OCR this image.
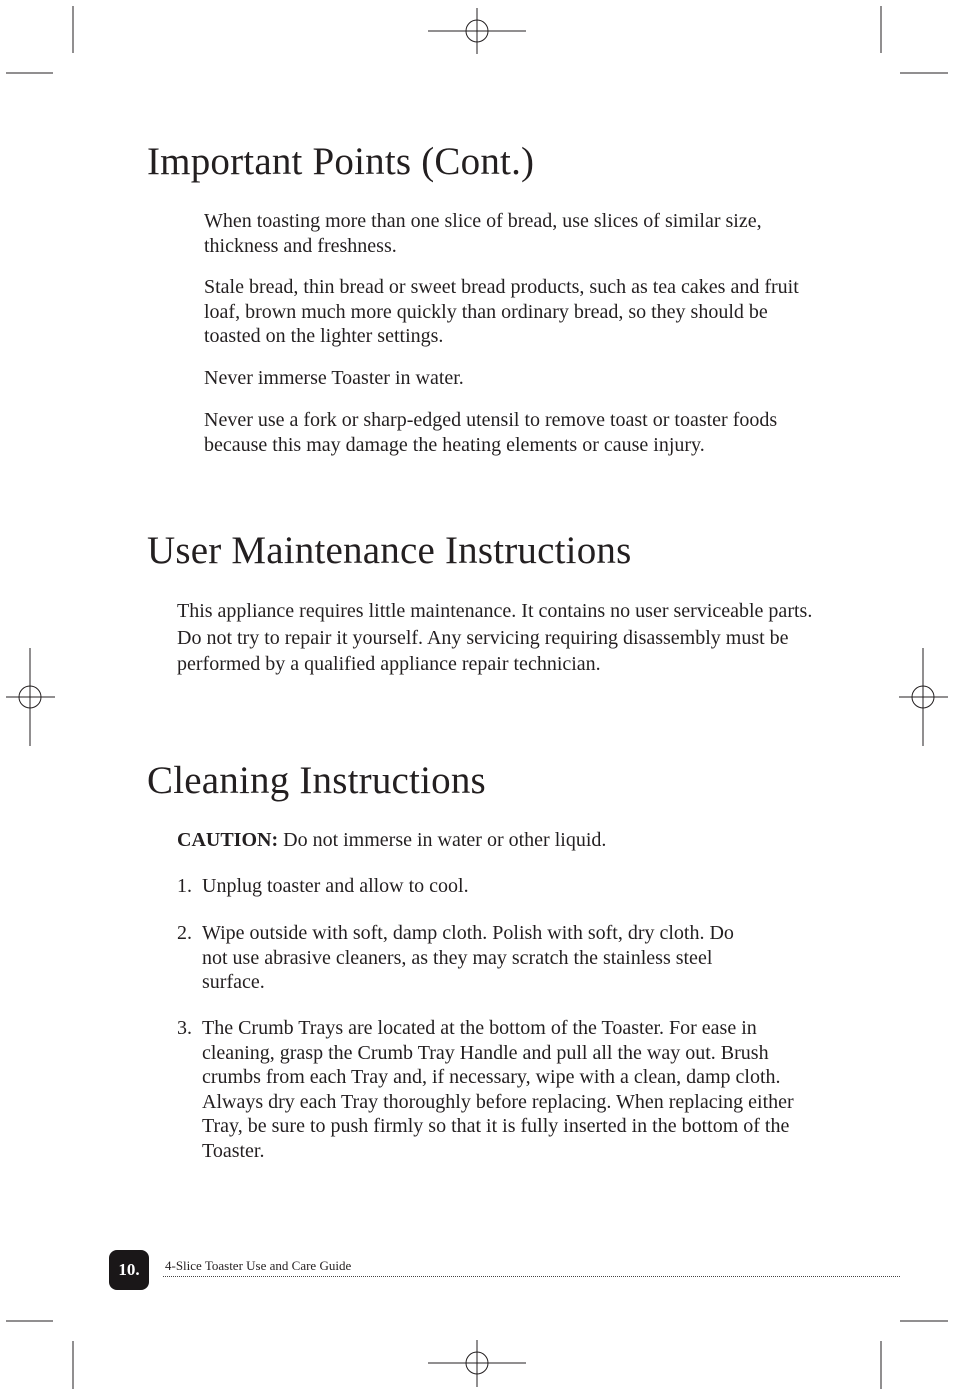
Important Points (Cont.)

When toasting more than one slice of bread, use slices of similar size, thickness and freshness.

Stale bread, thin bread or sweet bread products, such as tea cakes and fruit loaf, brown much more quickly than ordinary bread, so they should be toasted on the lighter settings.

Never immerse Toaster in water.

Never use a fork or sharp-edged utensil to remove toast or toaster foods because this may damage the heating elements or cause injury.

User Maintenance Instructions

This appliance requires little maintenance. It contains no user serviceable parts. Do not try to repair it yourself. Any servicing requiring disassembly must be performed by a qualified appliance repair technician.

Cleaning Instructions

CAUTION: Do not immerse in water or other liquid.

1. Unplug toaster and allow to cool.
2. Wipe outside with soft, damp cloth. Polish with soft, dry cloth. Do not use abrasive cleaners, as they may scratch the stainless steel surface.
3. The Crumb Trays are located at the bottom of the Toaster. For ease in cleaning, grasp the Crumb Tray Handle and pull all the way out. Brush crumbs from each Tray and, if necessary, wipe with a clean, damp cloth. Always dry each Tray thoroughly before replacing. When replacing either Tray, be sure to push firmly so that it is fully inserted in the bottom of the Toaster.
10.	4-Slice Toaster Use and Care Guide
